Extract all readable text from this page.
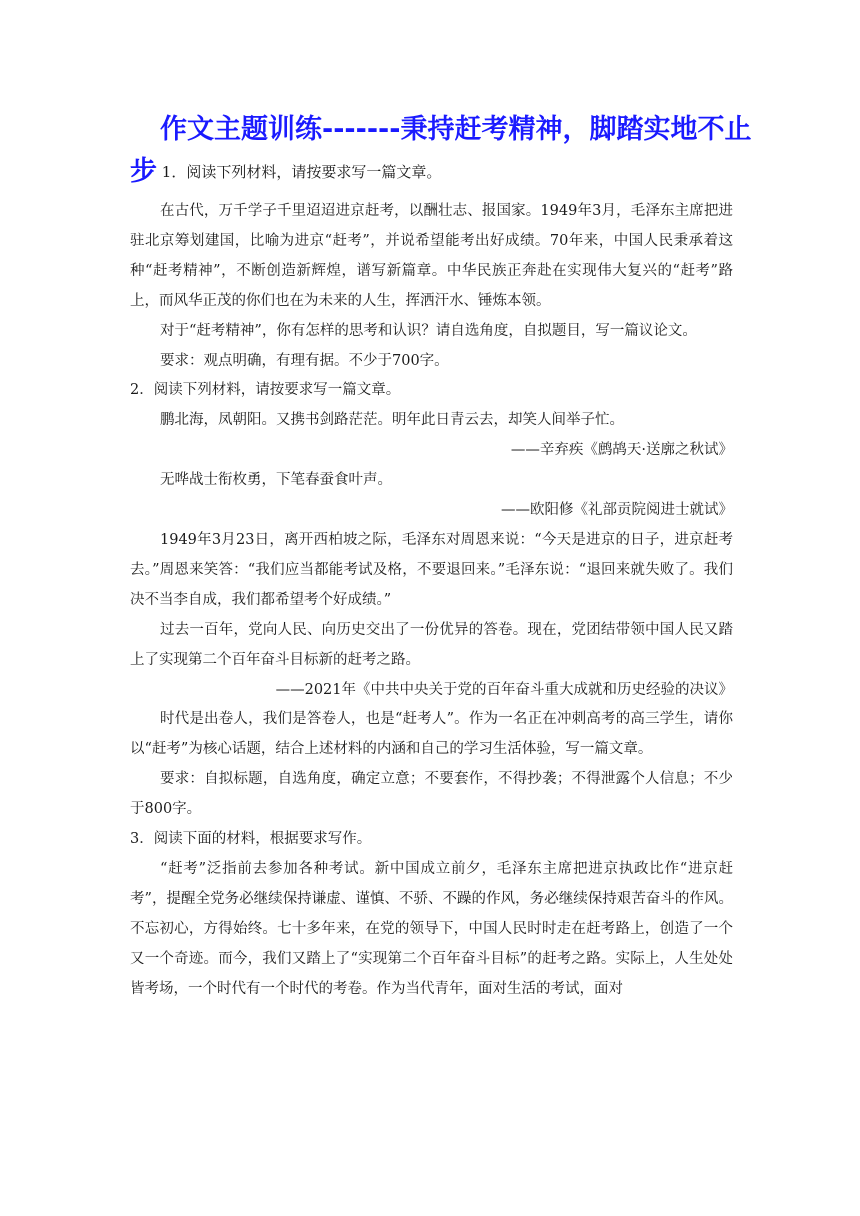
作文主题训练-------秉持赶考精神，脚踏实地不止
步 1．阅读下列材料，请按要求写一篇文章。

在古代，万千学子千里迢迢进京赶考，以酬壮志、报国家。1949年3月，毛泽东主席把进驻北京筹划建国，比喻为进京“赶考”，并说希望能考出好成绩。70年来，中国人民秉承着这种“赶考精神”，不断创造新辉煌，谱写新篇章。中华民族正奔赴在实现伟大复兴的“赶考”路上，而风华正茂的你们也在为未来的人生，挥洒汗水、锤炼本领。

对于“赶考精神”，你有怎样的思考和认识？请自选角度，自拟题目，写一篇议论文。

要求：观点明确，有理有据。不少于700字。

2．阅读下列材料，请按要求写一篇文章。

鹏北海，凤朝阳。又携书剑路茫茫。明年此日青云去，却笑人间举子忙。

——辛弃疾《鹧鸪天·送廓之秋试》

无哗战士衔枚勇，下笔春蚕食叶声。

——欧阳修《礼部贡院阅进士就试》

1949年3月23日，离开西柏坡之际，毛泽东对周恩来说：“今天是进京的日子，进京赶考去。”周恩来笑答：“我们应当都能考试及格，不要退回来。”毛泽东说：“退回来就失败了。我们决不当李自成，我们都希望考个好成绩。”

过去一百年，党向人民、向历史交出了一份优异的答卷。现在，党团结带领中国人民又踏上了实现第二个百年奋斗目标新的赶考之路。

——2021年《中共中央关于党的百年奋斗重大成就和历史经验的决议》

时代是出卷人，我们是答卷人，也是“赶考人”。作为一名正在冲刺高考的高三学生，请你以“赶考”为核心话题，结合上述材料的内涵和自己的学习生活体验，写一篇文章。

要求：自拟标题，自选角度，确定立意；不要套作，不得抄袭；不得泄露个人信息；不少于800字。

3．阅读下面的材料，根据要求写作。

“赶考”泛指前去参加各种考试。新中国成立前夕，毛泽东主席把进京执政比作“进京赶考”，提醒全党务必继续保持谦虚、谨慎、不骄、不躁的作风，务必继续保持艰苦奋斗的作风。不忘初心，方得始终。七十多年来，在党的领导下，中国人民时时走在赶考路上，创造了一个又一个奇迹。而今，我们又踏上了“实现第二个百年奋斗目标”的赶考之路。实际上，人生处处皆考场，一个时代有一个时代的考卷。作为当代青年，面对生活的考试，面对
